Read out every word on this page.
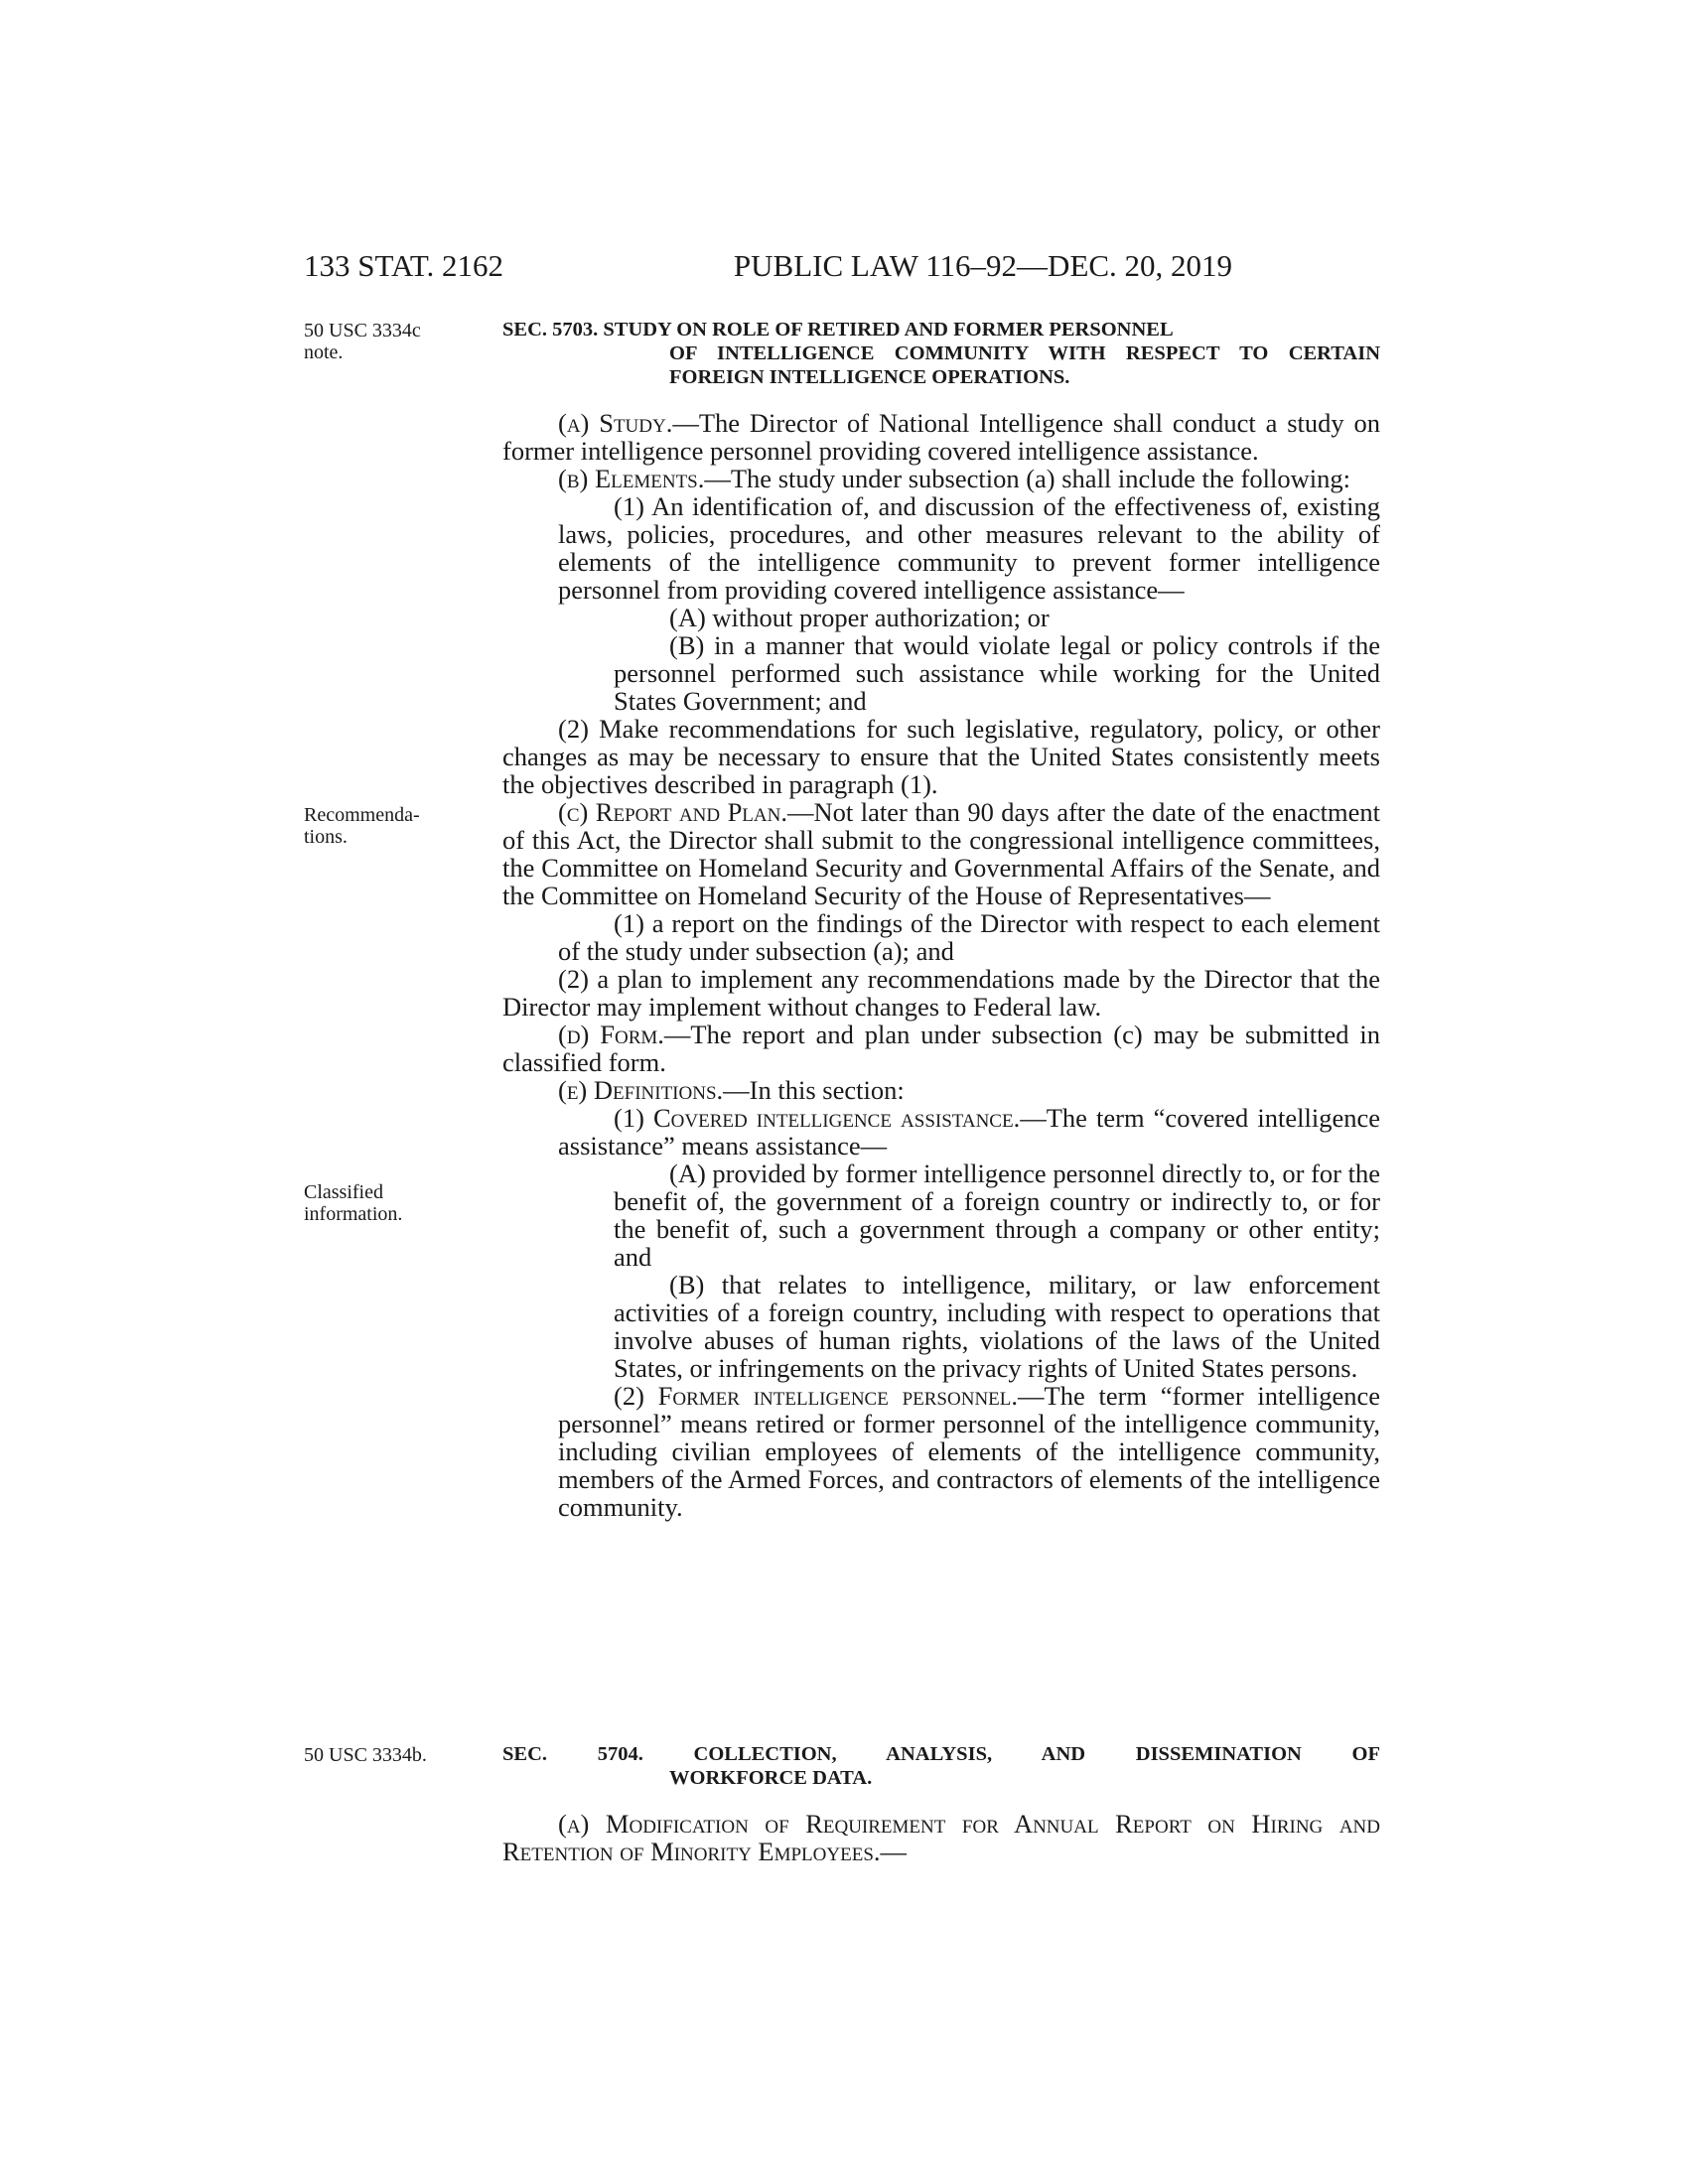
133 STAT. 2162	PUBLIC LAW 116–92—DEC. 20, 2019
50 USC 3334c note.
Recommenda-tions.
Classified information.
50 USC 3334b.

SEC. 5703. STUDY ON ROLE OF RETIRED AND FORMER PERSONNEL
OF INTELLIGENCE COMMUNITY WITH RESPECT TO CERTAIN FOREIGN INTELLIGENCE OPERATIONS.

(a) Study.—The Director of National Intelligence shall conduct a study on former intelligence personnel providing covered intelligence assistance.

(b) Elements.—The study under subsection (a) shall include the following:

(1) An identification of, and discussion of the effectiveness of, existing laws, policies, procedures, and other measures relevant to the ability of elements of the intelligence community to prevent former intelligence personnel from providing covered intelligence assistance—

(A) without proper authorization; or

(B) in a manner that would violate legal or policy controls if the personnel performed such assistance while working for the United States Government; and

(2) Make recommendations for such legislative, regulatory, policy, or other changes as may be necessary to ensure that the United States consistently meets the objectives described in paragraph (1).

(c) Report and Plan.—Not later than 90 days after the date of the enactment of this Act, the Director shall submit to the congressional intelligence committees, the Committee on Homeland Security and Governmental Affairs of the Senate, and the Committee on Homeland Security of the House of Representatives—

(1) a report on the findings of the Director with respect to each element of the study under subsection (a); and

(2) a plan to implement any recommendations made by the Director that the Director may implement without changes to Federal law.

(d) Form.—The report and plan under subsection (c) may be submitted in classified form.

(e) Definitions.—In this section:

(1) Covered intelligence assistance.—The term “covered intelligence assistance” means assistance—

(A) provided by former intelligence personnel directly to, or for the benefit of, the government of a foreign country or indirectly to, or for the benefit of, such a government through a company or other entity; and

(B) that relates to intelligence, military, or law enforcement activities of a foreign country, including with respect to operations that involve abuses of human rights, violations of the laws of the United States, or infringements on the privacy rights of United States persons.

(2) Former intelligence personnel.—The term “former intelligence personnel” means retired or former personnel of the intelligence community, including civilian employees of elements of the intelligence community, members of the Armed Forces, and contractors of elements of the intelligence community.

SEC. 5704. COLLECTION, ANALYSIS, AND DISSEMINATION OF

WORKFORCE DATA.

(a) Modification of Requirement for Annual Report on Hiring and Retention of Minority Employees.—
